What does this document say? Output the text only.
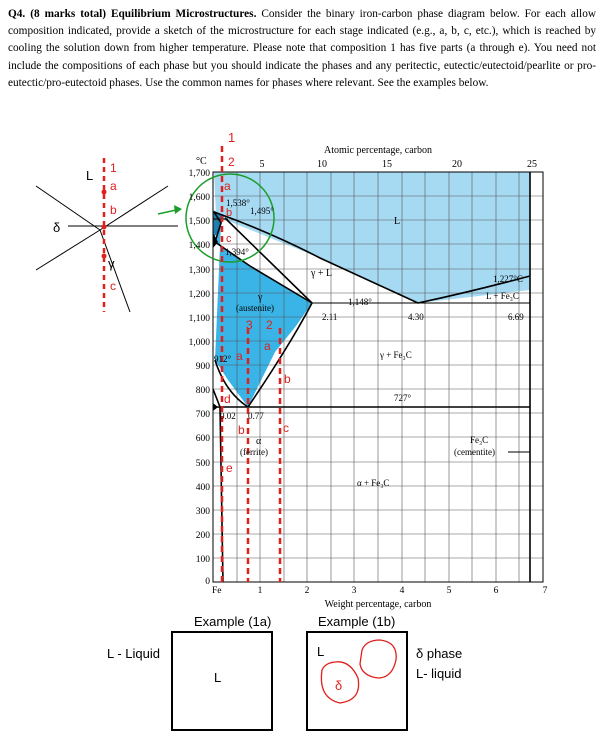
Q4. (8 marks total) Equilibrium Microstructures. Consider the binary iron-carbon phase diagram below. For each allow composition indicated, provide a sketch of the microstructure for each stage indicated (e.g., a, b, c, etc.), which is reached by cooling the solution down from higher temperature. Please note that composition 1 has five parts (a through e). You need not include the compositions of each phase but you should indicate the phases and any peritectic, eutectic/eutectoid/pearlite or pro-eutectic/pro-eutectoid phases. Use the common names for phases where relevant. See the examples below.
L
δ
γ
1
a
b
c
Atomic percentage, carbon
5	10	15	20	25
°C
1,700
1,600
1,500
1,400
1,300
1,200
1,100
1,000
900
800
700
600
500
400
300
200
100
0
Fe	1	2	3	4	5	6	7
Weight percentage, carbon
1,538°
1,495°
1,394°
L
γ + L
γ
(austenite)
1,148°
2.11	4.30
1,227°C
L + Fe₃C
6.69
912°	γ + Fe₃C
727°
0.02 0.77
α
(ferrite)
Fe₃C
(cementite)
α + Fe₃C
1
2
a
3 2
a
a
b
d
b	c
e
Example (1a)	Example (1b)
L - Liquid
L
L
δ
δ phase
L- liquid
b
c
